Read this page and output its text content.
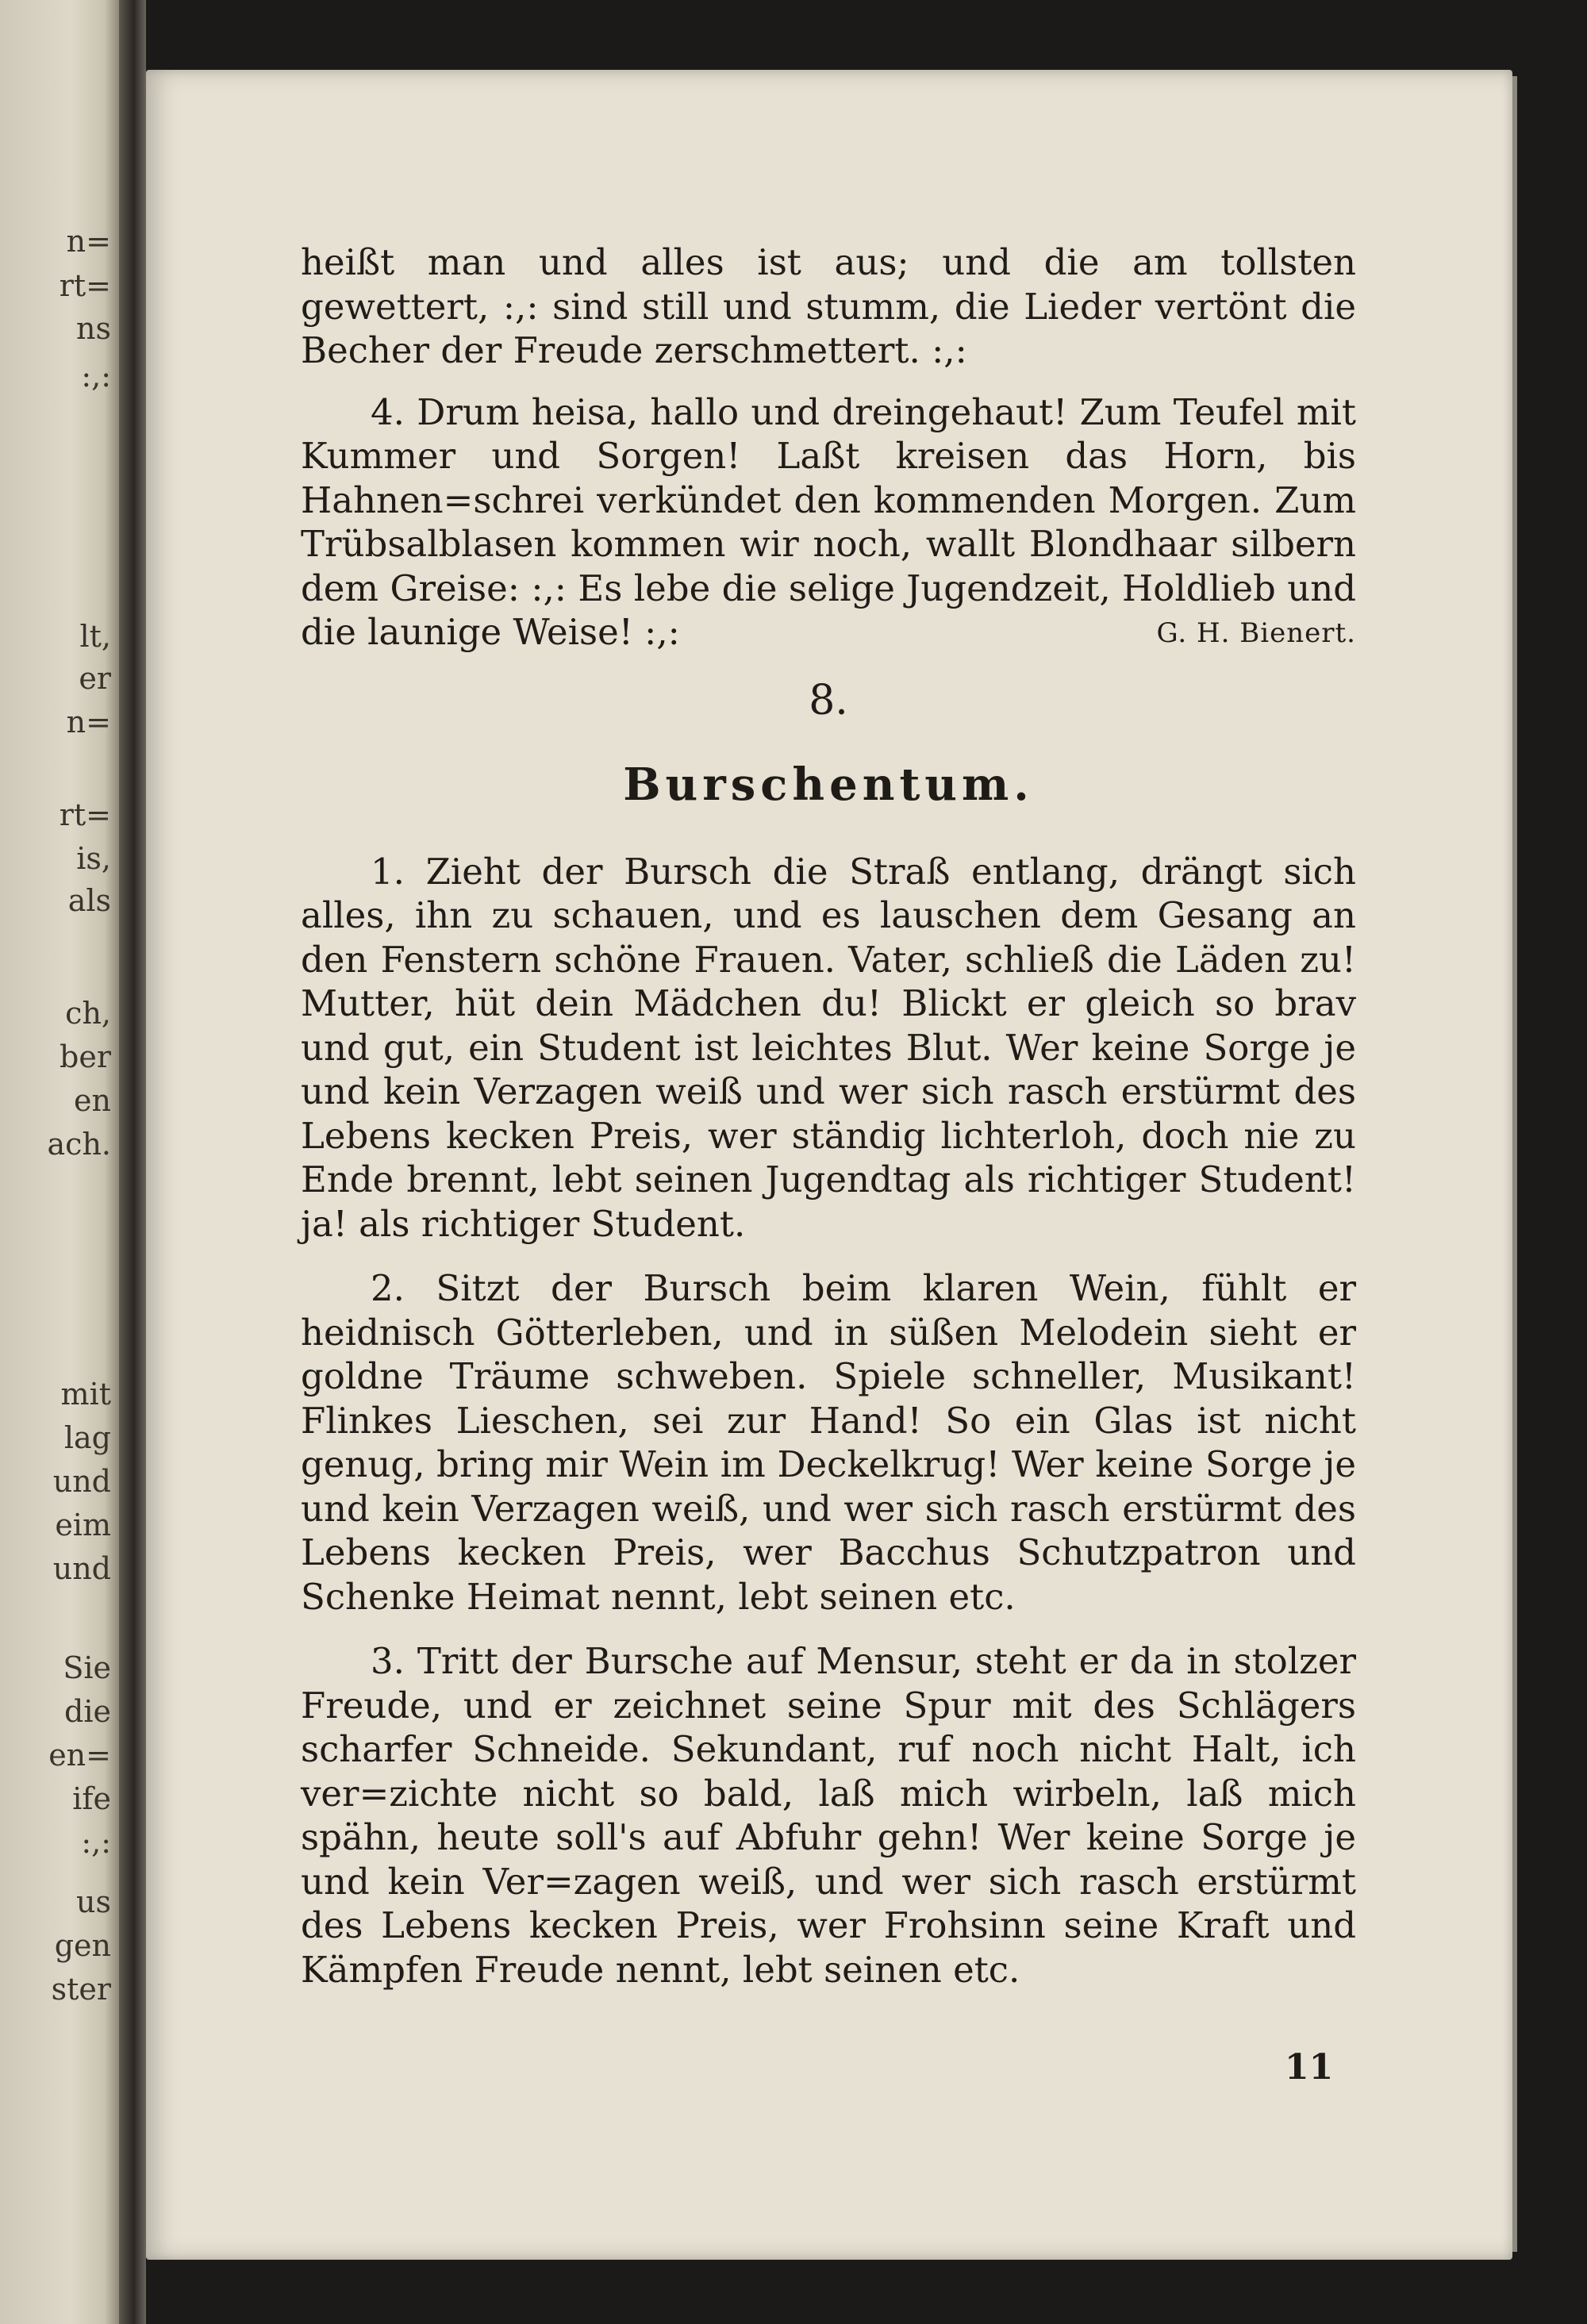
n=
rt=
ns
:,:
lt,
er
n=
rt=
is,
als
ch,
ber
en
ach.
mit
lag
und
eim
und
Sie
die
en=
ife
:,:
us
gen
ster

heißt man und alles ist aus; und die am tollsten gewettert, :,: sind still und stumm, die Lieder vertönt die Becher der Freude zerschmettert. :,:

4. Drum heisa, hallo und dreingehaut! Zum Teufel mit Kummer und Sorgen! Laßt kreisen das Horn, bis Hahnen=schrei verkündet den kommenden Morgen. Zum Trübsalblasen kommen wir noch, wallt Blondhaar silbern dem Greise: :,: Es lebe die selige Jugendzeit, Holdlieb und die launige Weise! :,:	G. H. Bienert.

8.
Burschentum.

1. Zieht der Bursch die Straß entlang, drängt sich alles, ihn zu schauen, und es lauschen dem Gesang an den Fenstern schöne Frauen. Vater, schließ die Läden zu! Mutter, hüt dein Mädchen du! Blickt er gleich so brav und gut, ein Student ist leichtes Blut. Wer keine Sorge je und kein Verzagen weiß und wer sich rasch erstürmt des Lebens kecken Preis, wer ständig lichterloh, doch nie zu Ende brennt, lebt seinen Jugendtag als richtiger Student! ja! als richtiger Student.

2. Sitzt der Bursch beim klaren Wein, fühlt er heidnisch Götterleben, und in süßen Melodein sieht er goldne Träume schweben. Spiele schneller, Musikant! Flinkes Lieschen, sei zur Hand! So ein Glas ist nicht genug, bring mir Wein im Deckelkrug! Wer keine Sorge je und kein Verzagen weiß, und wer sich rasch erstürmt des Lebens kecken Preis, wer Bacchus Schutzpatron und Schenke Heimat nennt, lebt seinen etc.

3. Tritt der Bursche auf Mensur, steht er da in stolzer Freude, und er zeichnet seine Spur mit des Schlägers scharfer Schneide. Sekundant, ruf noch nicht Halt, ich ver=zichte nicht so bald, laß mich wirbeln, laß mich spähn, heute soll's auf Abfuhr gehn! Wer keine Sorge je und kein Ver=zagen weiß, und wer sich rasch erstürmt des Lebens kecken Preis, wer Frohsinn seine Kraft und Kämpfen Freude nennt, lebt seinen etc.

11
